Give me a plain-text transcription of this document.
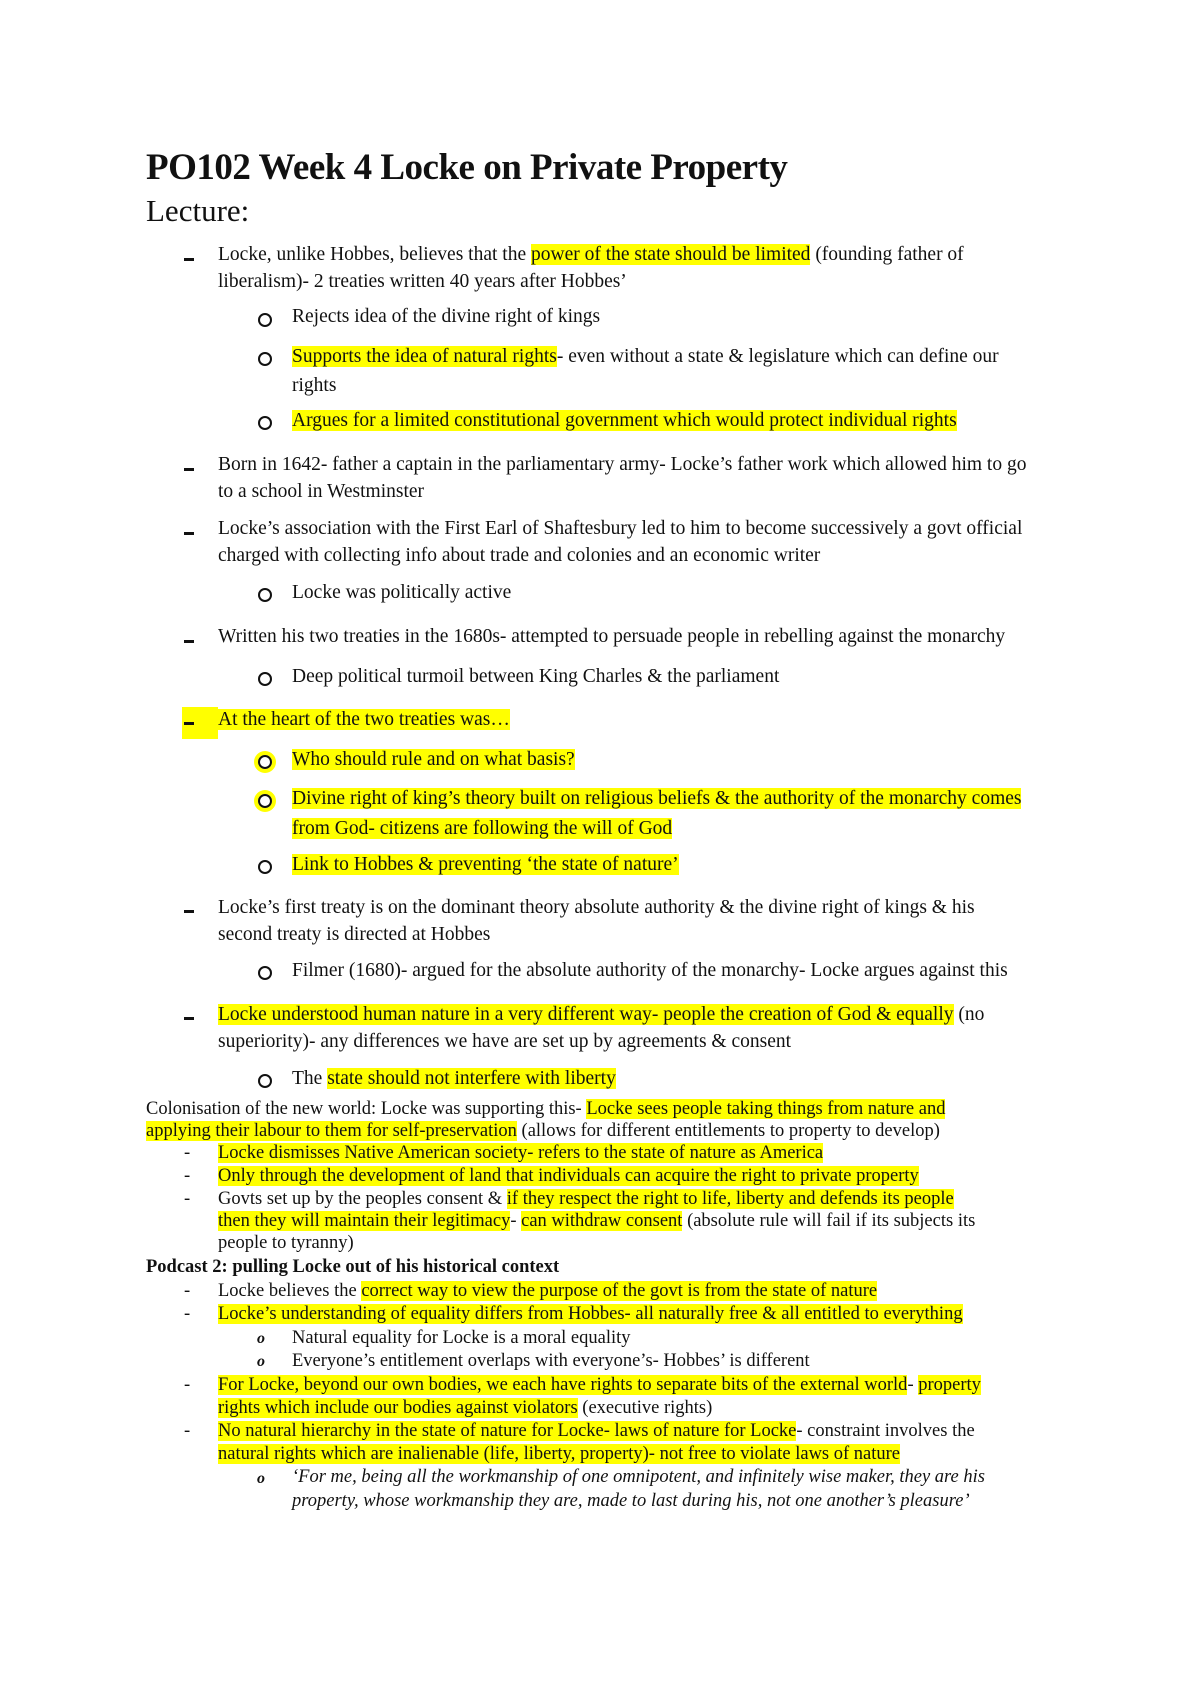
PO102 Week 4 Locke on Private Property
Lecture:
Locke, unlike Hobbes, believes that the power of the state should be limited (founding father of
liberalism)- 2 treaties written 40 years after Hobbes’
Rejects idea of the divine right of kings
Supports the idea of natural rights- even without a state & legislature which can define our
rights
Argues for a limited constitutional government which would protect individual rights
Born in 1642- father a captain in the parliamentary army- Locke’s father work which allowed him to go
to a school in Westminster
Locke’s association with the First Earl of Shaftesbury led to him to become successively a govt official
charged with collecting info about trade and colonies and an economic writer
Locke was politically active
Written his two treaties in the 1680s- attempted to persuade people in rebelling against the monarchy
Deep political turmoil between King Charles & the parliament
At the heart of the two treaties was…
Who should rule and on what basis?
Divine right of king’s theory built on religious beliefs & the authority of the monarchy comes
from God- citizens are following the will of God
Link to Hobbes & preventing ‘the state of nature’
Locke’s first treaty is on the dominant theory absolute authority & the divine right of kings & his
second treaty is directed at Hobbes
Filmer (1680)- argued for the absolute authority of the monarchy- Locke argues against this
Locke understood human nature in a very different way- people the creation of God & equally (no
superiority)- any differences we have are set up by agreements & consent
The state should not interfere with liberty
Colonisation of the new world: Locke was supporting this- Locke sees people taking things from nature and
applying their labour to them for self-preservation (allows for different entitlements to property to develop)
- Locke dismisses Native American society- refers to the state of nature as America
- Only through the development of land that individuals can acquire the right to private property
- Govts set up by the peoples consent & if they respect the right to life, liberty and defends its people
then they will maintain their legitimacy- can withdraw consent (absolute rule will fail if its subjects its
people to tyranny)
Podcast 2: pulling Locke out of his historical context
- Locke believes the correct way to view the purpose of the govt is from the state of nature
- Locke’s understanding of equality differs from Hobbes- all naturally free & all entitled to everything
o Natural equality for Locke is a moral equality
o Everyone’s entitlement overlaps with everyone’s- Hobbes’ is different
- For Locke, beyond our own bodies, we each have rights to separate bits of the external world- property
rights which include our bodies against violators (executive rights)
- No natural hierarchy in the state of nature for Locke- laws of nature for Locke- constraint involves the
natural rights which are inalienable (life, liberty, property)- not free to violate laws of nature
o ‘For me, being all the workmanship of one omnipotent, and infinitely wise maker, they are his
property, whose workmanship they are, made to last during his, not one another’s pleasure’
